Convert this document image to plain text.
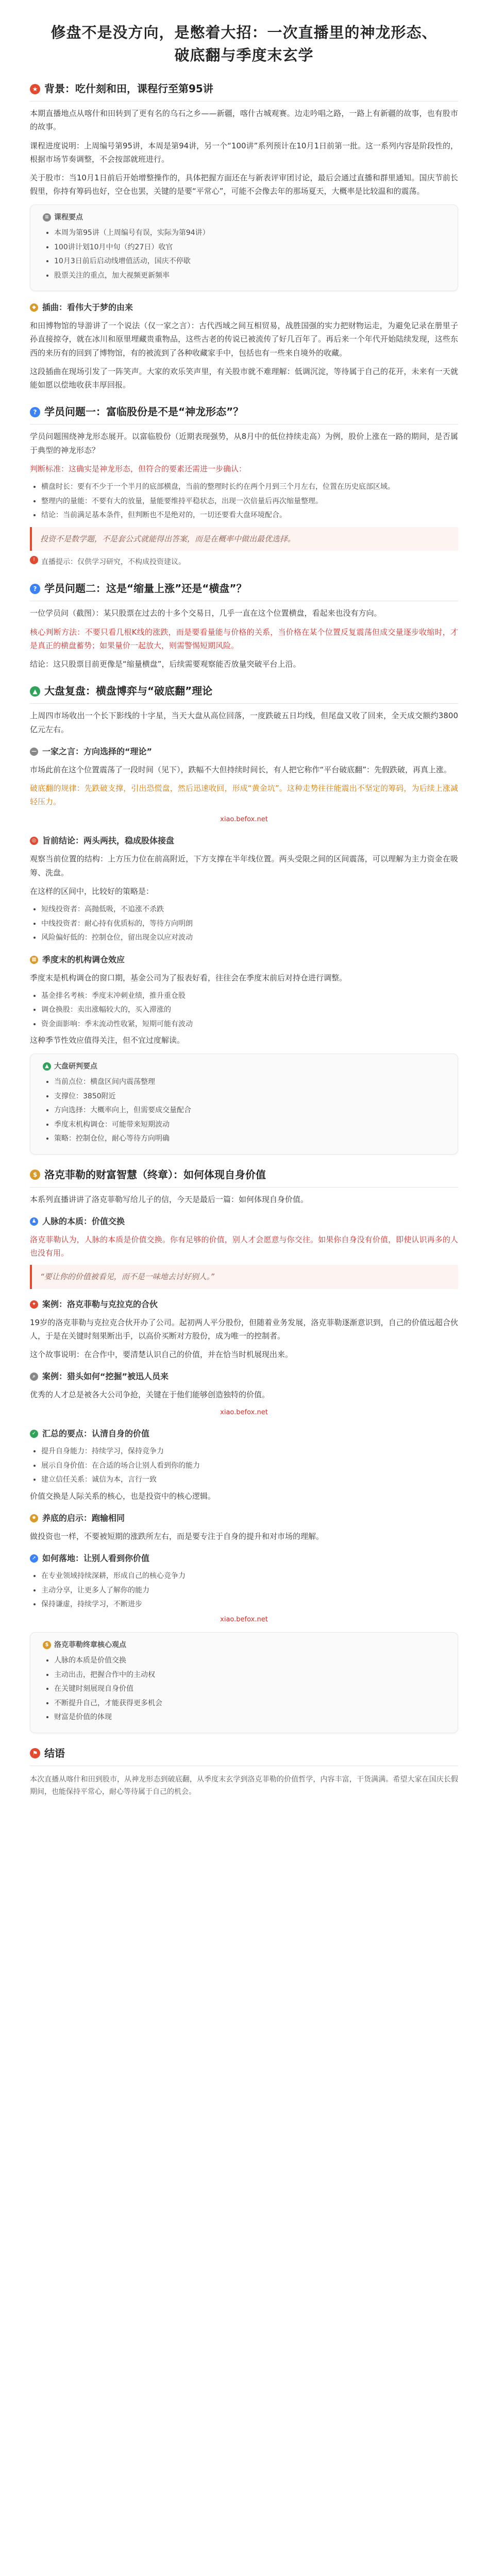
修盘不是没方向，是憋着大招：一次直播里的神龙形态、破底翻与季度末玄学
★ 背景：吃什刻和田，课程行至第95讲

本期直播地点从喀什和田转到了更有名的乌石之乡——新疆，喀什古城观赛。边走吟唱之路，一路上有新疆的故事，也有股市的故事。

课程进度说明：上周编号第95讲，本周是第94讲，另一个“100讲”系列预计在10月1日前第一批。这一系列内容是阶段性的，根据市场节奏调整，不会按部就班进行。

关于股市：当10月1日前后开始增整操作的，具体把握方面还在与新表评审团讨论，最后会通过直播和群里通知。国庆节前长假里，你持有筹码也好，空仓也罢，关键的是要“平常心”，可能不会像去年的那场夏天，大概率是比较温和的震荡。

≡ 课程要点
• 本周为第95讲（上周编号有误，实际为第94讲）
• 100讲计划10月中旬（约27日）收官
• 10月3日前后启动线增值活动，国庆不停歇
• 股票关注的重点，加大视频更新频率
◆ 插曲：看伟大于梦的由来

和田博物馆的导游讲了一个说法（仅一家之言）：古代西域之间互相贸易，战胜国强的实力把财物运走，为避免记录在册里子孙直接掠夺，就在冰川和原里埋藏贵重物品，这些古老的传说已被流传了好几百年了。再后来一个年代开始陆续发现，这些东西的来历有的回到了博物馆，有的被流到了各种收藏家手中，包括也有一些来自境外的收藏。

这段插曲在现场引发了一阵笑声。大家的欢乐笑声里，有关股市就不难理解：低调沉淀，等待属于自己的花开，未来有一天就能如愿以偿地收获丰厚回报。

? 学员问题一：富临股份是不是“神龙形态”？

学员问题围绕神龙形态展开。以富临股份（近期表现强势，从8月中的低位持续走高）为例，股价上涨在一路的期间，是否属于典型的神龙形态？

判断标准：这确实是神龙形态，但符合的要素还需进一步确认：

• 横盘时长：要有不少于一个半月的底部横盘，当前的整理时长约在两个月到三个月左右，位置在历史底部区域。
• 整理内的量能：不要有大的放量，量能要维持平稳状态，出现一次倍量后再次缩量整理。
• 结论：当前满足基本条件，但判断也不是绝对的，一切还要看大盘环境配合。
投资不是数学题，不是套公式就能得出答案，而是在概率中做出最优选择。
! 直播提示：仅供学习研究，不构成投资建议。
? 学员问题二：这是“缩量上涨”还是“横盘”？

一位学员问（截图）：某只股票在过去的十多个交易日，几乎一直在这个位置横盘，看起来也没有方向。

核心判断方法：不要只看几根K线的涨跌，而是要看量能与价格的关系，当价格在某个位置反复震荡但成交量逐步收缩时，才是真正的横盘蓄势；如果量价一起放大，则需警惕短期风险。

结论：这只股票目前更像是“缩量横盘”，后续需要观察能否放量突破平台上沿。

▲ 大盘复盘：横盘博弈与“破底翻”理论

上周四市场收出一个长下影线的十字星，当天大盘从高位回落，一度跌破五日均线，但尾盘又收了回来，全天成交额约3800亿元左右。

— 一家之言：方向选择的“理论”

市场此前在这个位置震荡了一段时间（见下），跌幅不大但持续时间长，有人把它称作“平台破底翻”：先假跌破，再真上涨。

破底翻的规律：先跌破支撑，引出恐慌盘，然后迅速收回，形成“黄金坑”。这种走势往往能震出不坚定的筹码，为后续上涨减轻压力。

xiao.befox.net
◎ 旨前结论：两头两扶，稳成股体接盘

观察当前位置的结构：上方压力位在前高附近，下方支撑在半年线位置。两头受限之间的区间震荡，可以理解为主力资金在吸筹、洗盘。

在这样的区间中，比较好的策略是：

• 短线投资者：高抛低吸，不追涨不杀跌
• 中线投资者：耐心持有优质标的，等待方向明朗
• 风险偏好低的：控制仓位，留出现金以应对波动
▦ 季度末的机构调仓效应

季度末是机构调仓的窗口期，基金公司为了报表好看，往往会在季度末前后对持仓进行调整。

• 基金排名考核：季度末冲刺业绩，推升重仓股
• 调仓换股：卖出涨幅较大的，买入滞涨的
• 资金面影响：季末流动性收紧，短期可能有波动

这种季节性效应值得关注，但不宜过度解读。

▲ 大盘研判要点
• 当前点位：横盘区间内震荡整理
• 支撑位：3850附近
• 方向选择：大概率向上，但需要成交量配合
• 季度末机构调仓：可能带来短期波动
• 策略：控制仓位，耐心等待方向明确
$ 洛克菲勒的财富智慧（终章）：如何体现自身价值

本系列直播讲讲了洛克菲勒写给儿子的信，今天是最后一篇：如何体现自身价值。

♟ 人脉的本质：价值交换

洛克菲勒认为，人脉的本质是价值交换。你有足够的价值，别人才会愿意与你交往。如果你自身没有价值，即使认识再多的人也没有用。

“要让你的价值被看见，而不是一味地去讨好别人。”
✦ 案例：洛克菲勒与克拉克的合伙

19岁的洛克菲勒与克拉克合伙开办了公司。起初两人平分股份，但随着业务发展，洛克菲勒逐渐意识到，自己的价值远超合伙人，于是在关键时刻果断出手，以高价买断对方股份，成为唯一的控制者。

这个故事说明：在合作中，要清楚认识自己的价值，并在恰当时机展现出来。

⌕ 案例：猎头如何“挖掘”被迅人员来

优秀的人才总是被各大公司争抢，关键在于他们能够创造独特的价值。

xiao.befox.net
✓ 汇总的要点：认清自身的价值
• 提升自身能力：持续学习，保持竞争力
• 展示自身价值：在合适的场合让别人看到你的能力
• 建立信任关系：诚信为本，言行一致

价值交换是人际关系的核心，也是投资中的核心逻辑。

✸ 养底的启示：跑输相同

做投资也一样，不要被短期的涨跌所左右，而是要专注于自身的提升和对市场的理解。

➚ 如何落地：让别人看到你价值
• 在专业领域持续深耕，形成自己的核心竞争力
• 主动分享，让更多人了解你的能力
• 保持谦虚，持续学习，不断进步
xiao.befox.net
$ 洛克菲勒终章核心观点
• 人脉的本质是价值交换
• 主动出击，把握合作中的主动权
• 在关键时刻展现自身价值
• 不断提升自己，才能获得更多机会
• 财富是价值的体现
⚑ 结语

本次直播从喀什和田到股市，从神龙形态到破底翻，从季度末玄学到洛克菲勒的价值哲学，内容丰富，干货满满。希望大家在国庆长假期间，也能保持平常心，耐心等待属于自己的机会。
